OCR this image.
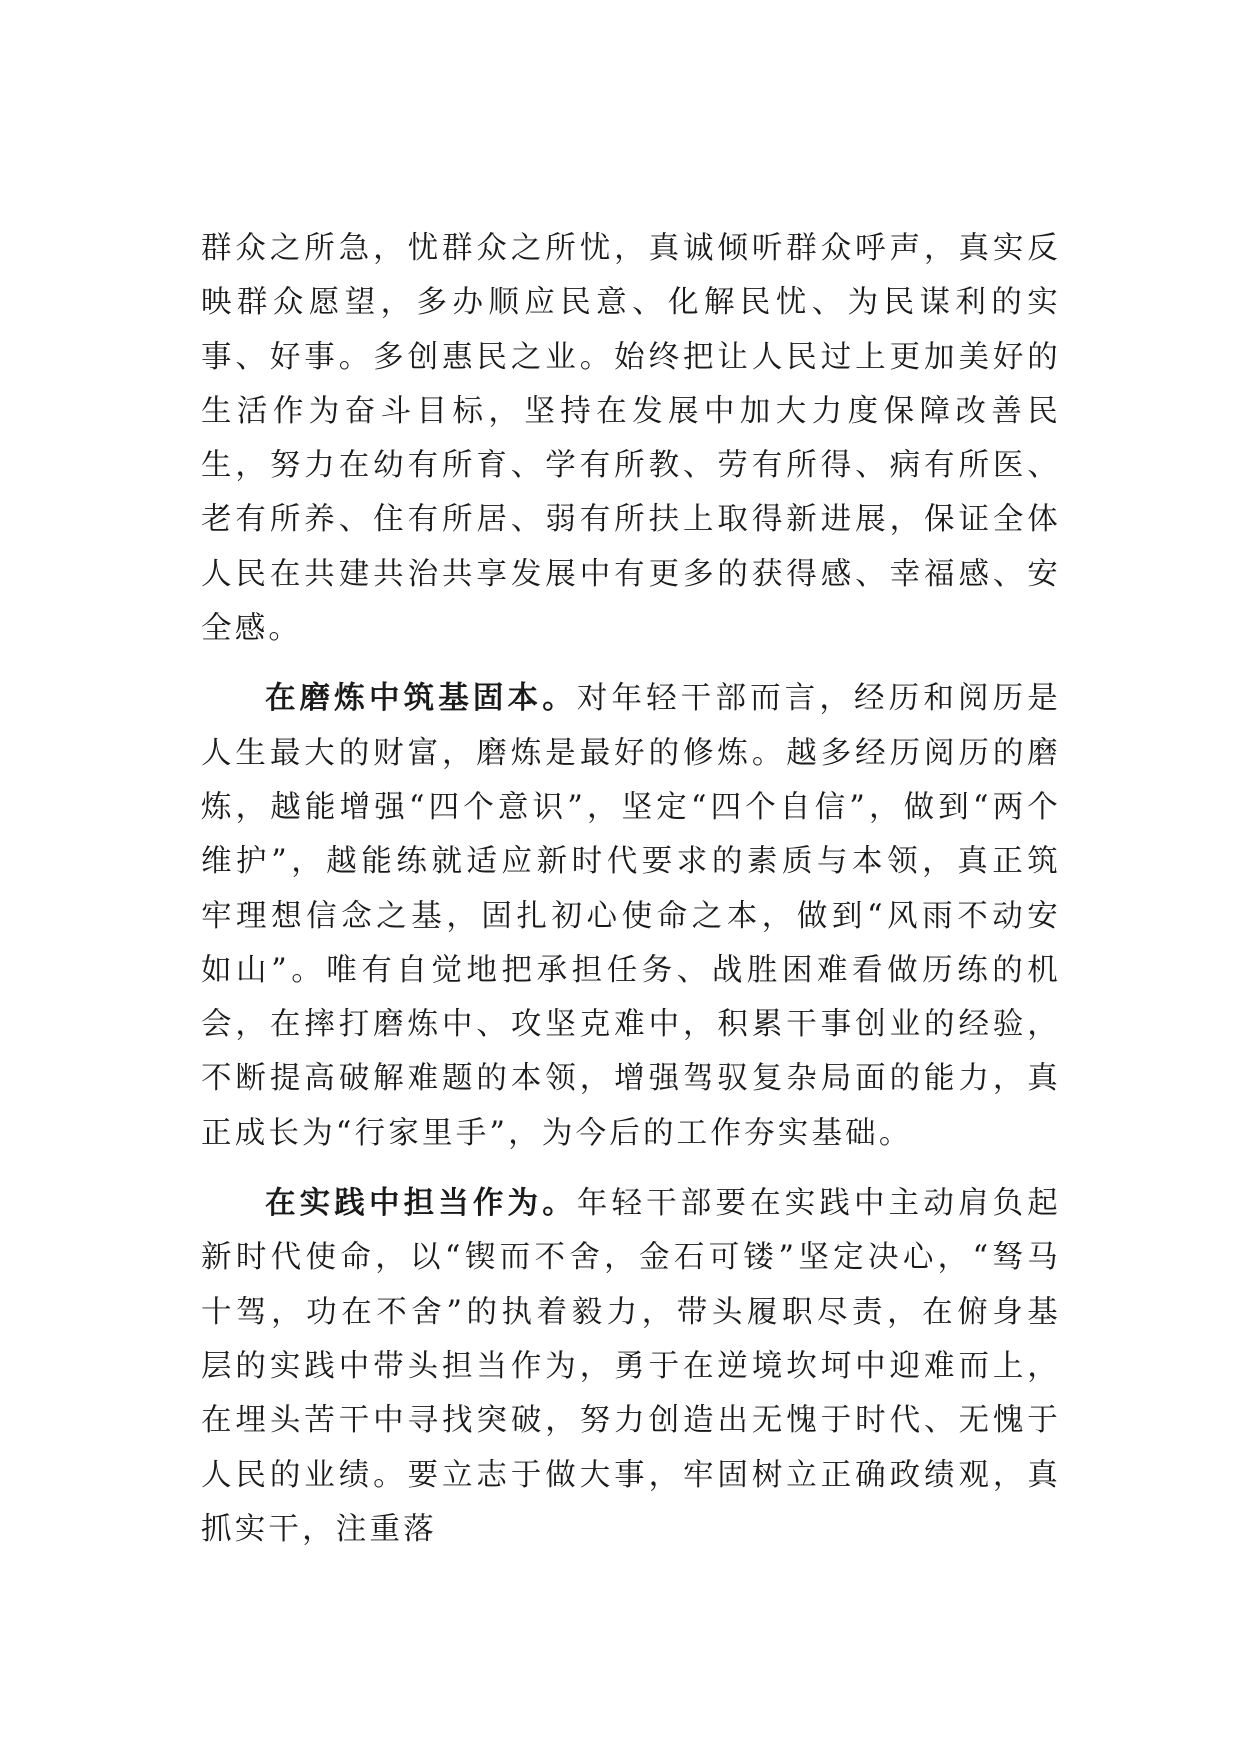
群众之所急，忧群众之所忧，真诚倾听群众呼声，真实反映群众愿望，多办顺应民意、化解民忧、为民谋利的实事、好事。多创惠民之业。始终把让人民过上更加美好的生活作为奋斗目标，坚持在发展中加大力度保障改善民生，努力在幼有所育、学有所教、劳有所得、病有所医、老有所养、住有所居、弱有所扶上取得新进展，保证全体人民在共建共治共享发展中有更多的获得感、幸福感、安全感。

在磨炼中筑基固本。对年轻干部而言，经历和阅历是人生最大的财富，磨炼是最好的修炼。越多经历阅历的磨炼，越能增强“四个意识”，坚定“四个自信”，做到“两个维护”，越能练就适应新时代要求的素质与本领，真正筑牢理想信念之基，固扎初心使命之本，做到“风雨不动安如山”。唯有自觉地把承担任务、战胜困难看做历练的机会，在摔打磨炼中、攻坚克难中，积累干事创业的经验，不断提高破解难题的本领，增强驾驭复杂局面的能力，真正成长为“行家里手”，为今后的工作夯实基础。

在实践中担当作为。年轻干部要在实践中主动肩负起新时代使命，以“锲而不舍，金石可镂”坚定决心，“驽马十驾，功在不舍”的执着毅力，带头履职尽责，在俯身基层的实践中带头担当作为，勇于在逆境坎坷中迎难而上，在埋头苦干中寻找突破，努力创造出无愧于时代、无愧于人民的业绩。要立志于做大事，牢固树立正确政绩观，真抓实干，注重落
